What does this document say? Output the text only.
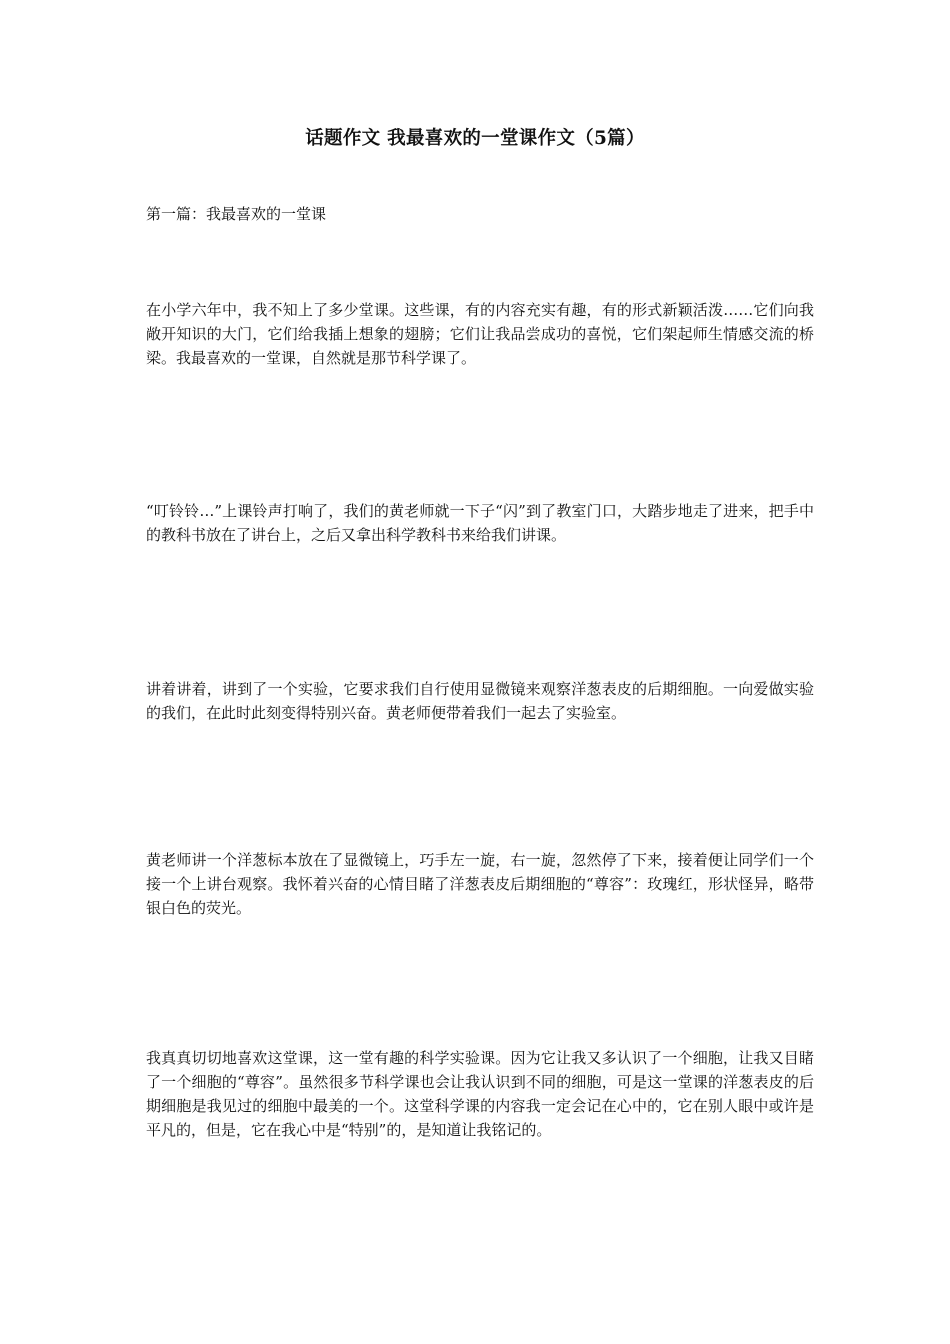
话题作文 我最喜欢的一堂课作文（5篇）
第一篇：我最喜欢的一堂课

在小学六年中，我不知上了多少堂课。这些课，有的内容充实有趣，有的形式新颖活泼……它们向我敞开知识的大门，它们给我插上想象的翅膀；它们让我品尝成功的喜悦，它们架起师生情感交流的桥梁。我最喜欢的一堂课，自然就是那节科学课了。

“叮铃铃…”上课铃声打响了，我们的黄老师就一下子“闪”到了教室门口，大踏步地走了进来，把手中的教科书放在了讲台上，之后又拿出科学教科书来给我们讲课。

讲着讲着，讲到了一个实验，它要求我们自行使用显微镜来观察洋葱表皮的后期细胞。一向爱做实验的我们，在此时此刻变得特别兴奋。黄老师便带着我们一起去了实验室。

黄老师讲一个洋葱标本放在了显微镜上，巧手左一旋，右一旋，忽然停了下来，接着便让同学们一个接一个上讲台观察。我怀着兴奋的心情目睹了洋葱表皮后期细胞的“尊容”：玫瑰红，形状怪异，略带银白色的荧光。

我真真切切地喜欢这堂课，这一堂有趣的科学实验课。因为它让我又多认识了一个细胞，让我又目睹了一个细胞的“尊容”。虽然很多节科学课也会让我认识到不同的细胞，可是这一堂课的洋葱表皮的后期细胞是我见过的细胞中最美的一个。这堂科学课的内容我一定会记在心中的，它在别人眼中或许是平凡的，但是，它在我心中是“特别”的，是知道让我铭记的。
